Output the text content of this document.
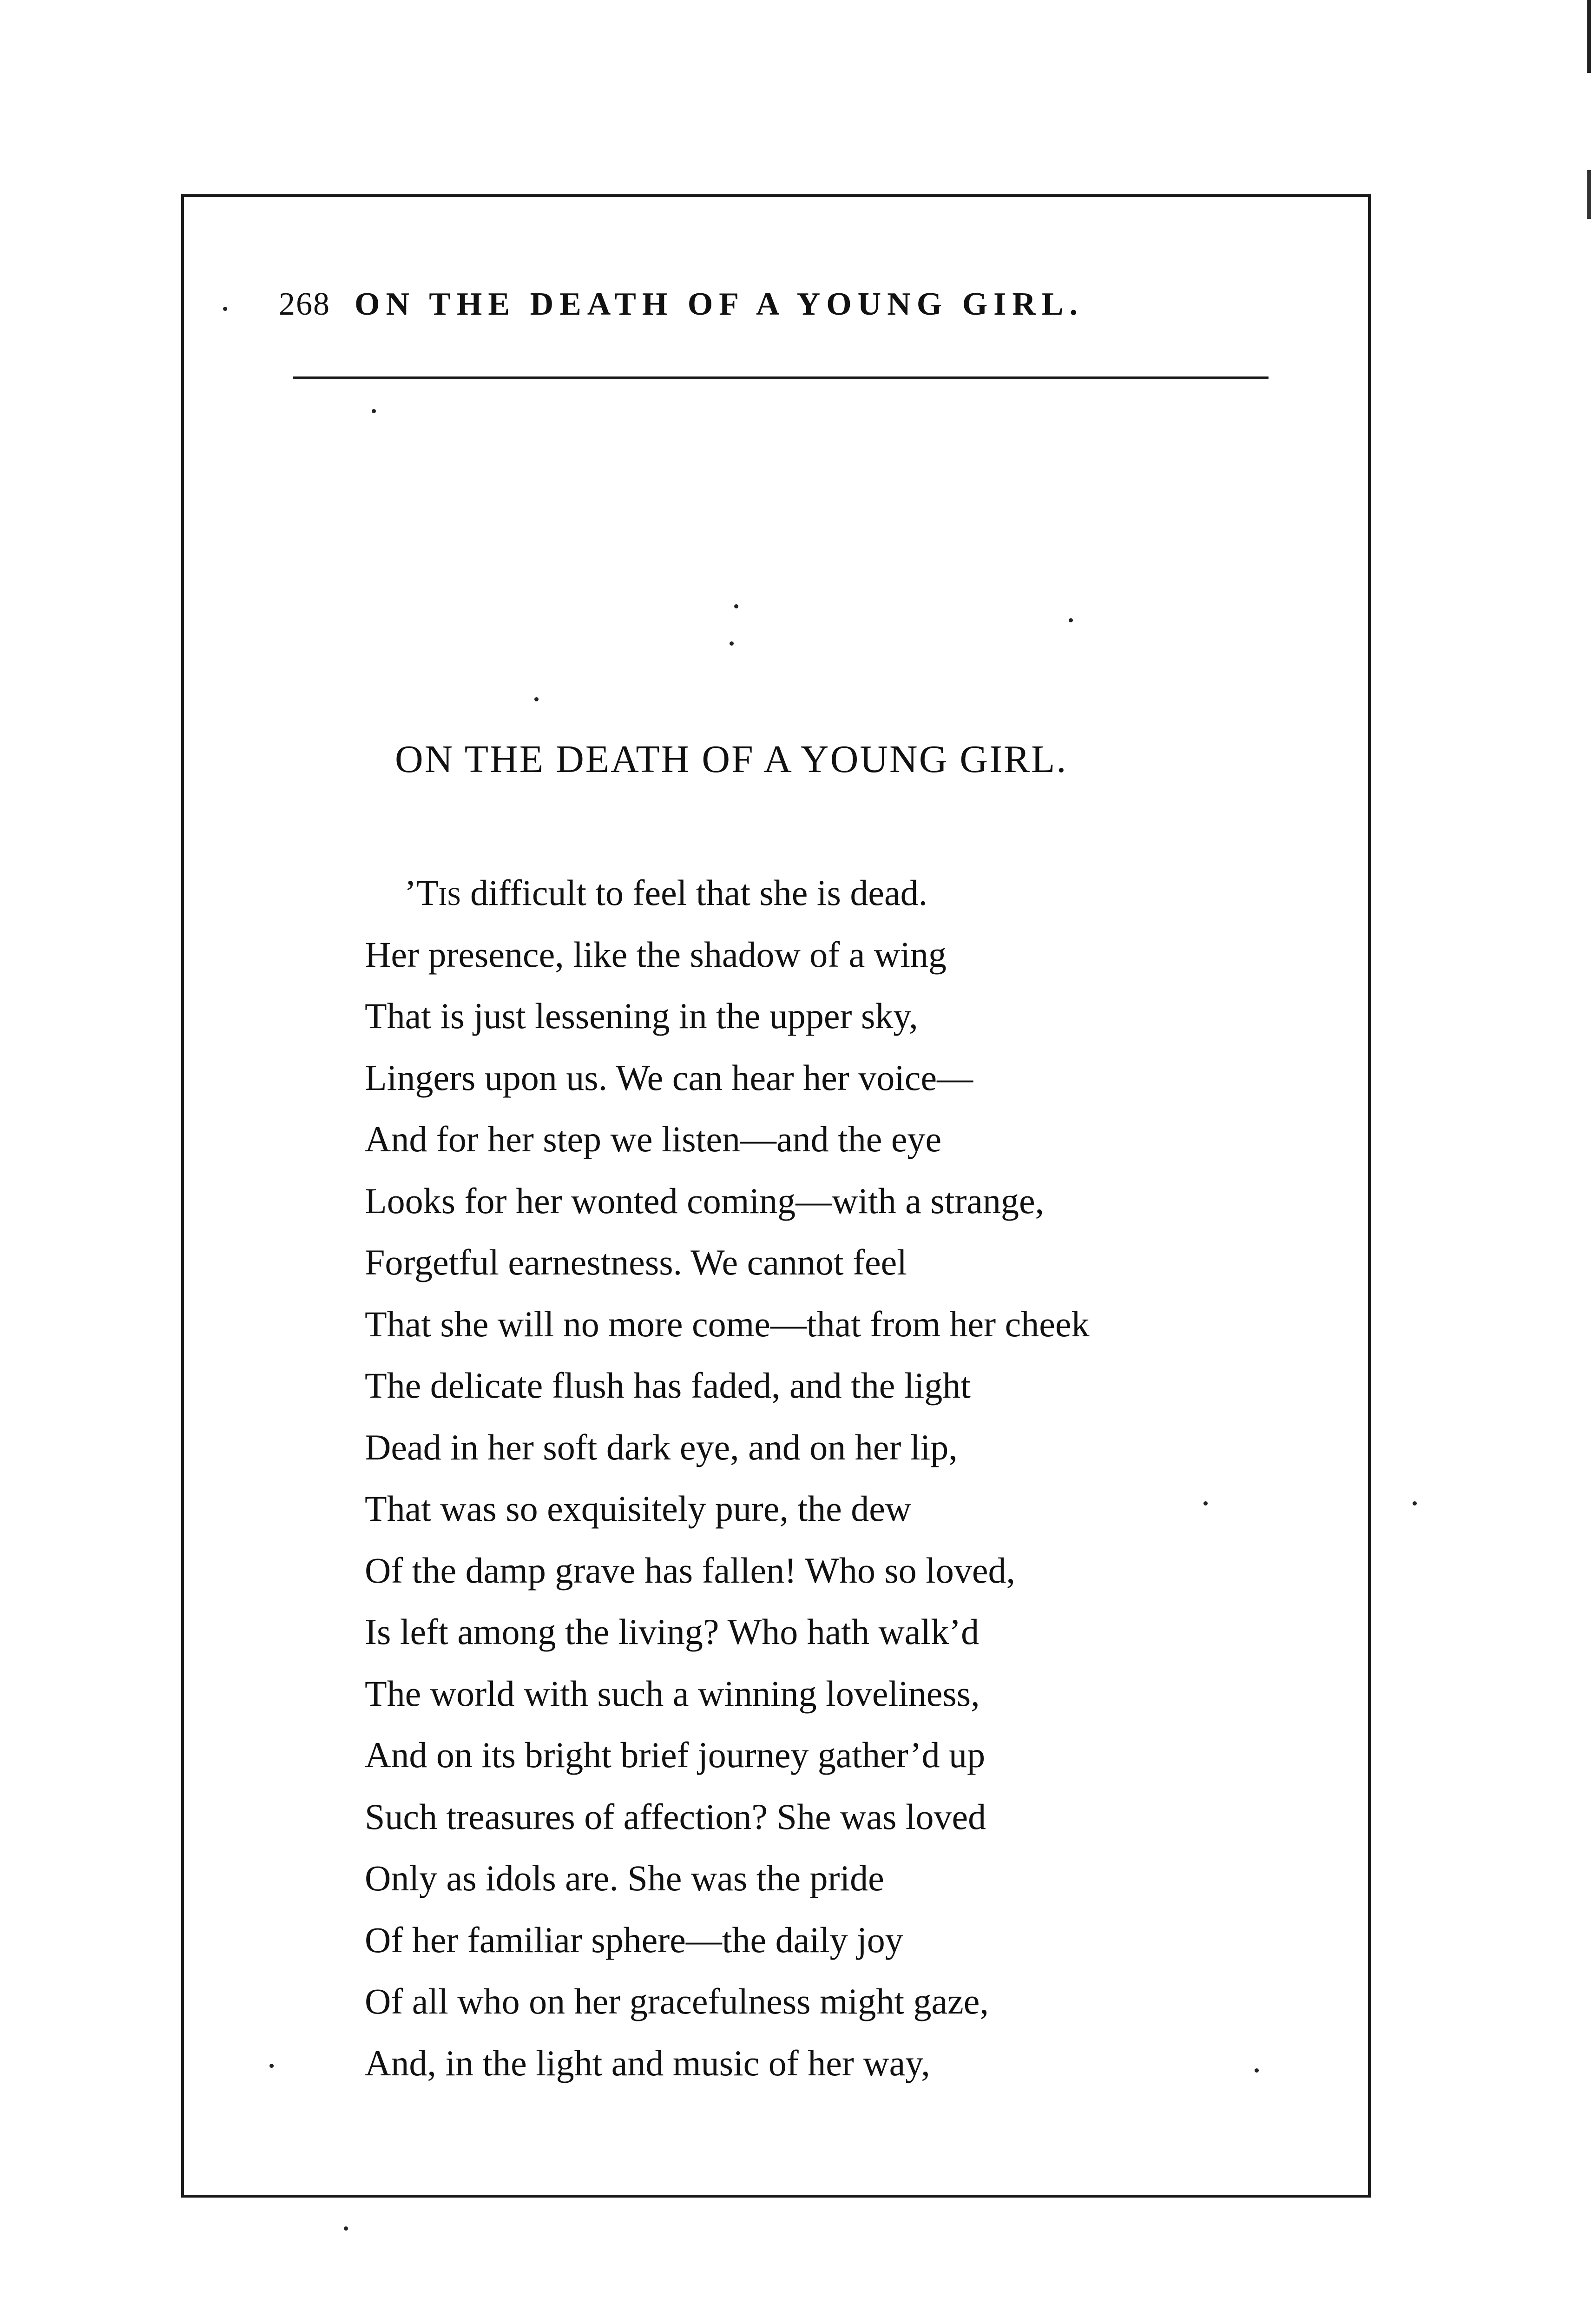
268 ON THE DEATH OF A YOUNG GIRL.
ON THE DEATH OF A YOUNG GIRL.
’Tis difficult to feel that she is dead.
Her presence, like the shadow of a wing
That is just lessening in the upper sky,
Lingers upon us. We can hear her voice—
And for her step we listen—and the eye
Looks for her wonted coming—with a strange,
Forgetful earnestness. We cannot feel
That she will no more come—that from her cheek
The delicate flush has faded, and the light
Dead in her soft dark eye, and on her lip,
That was so exquisitely pure, the dew
Of the damp grave has fallen! Who so loved,
Is left among the living? Who hath walk’d
The world with such a winning loveliness,
And on its bright brief journey gather’d up
Such treasures of affection? She was loved
Only as idols are. She was the pride
Of her familiar sphere—the daily joy
Of all who on her gracefulness might gaze,
And, in the light and music of her way,
